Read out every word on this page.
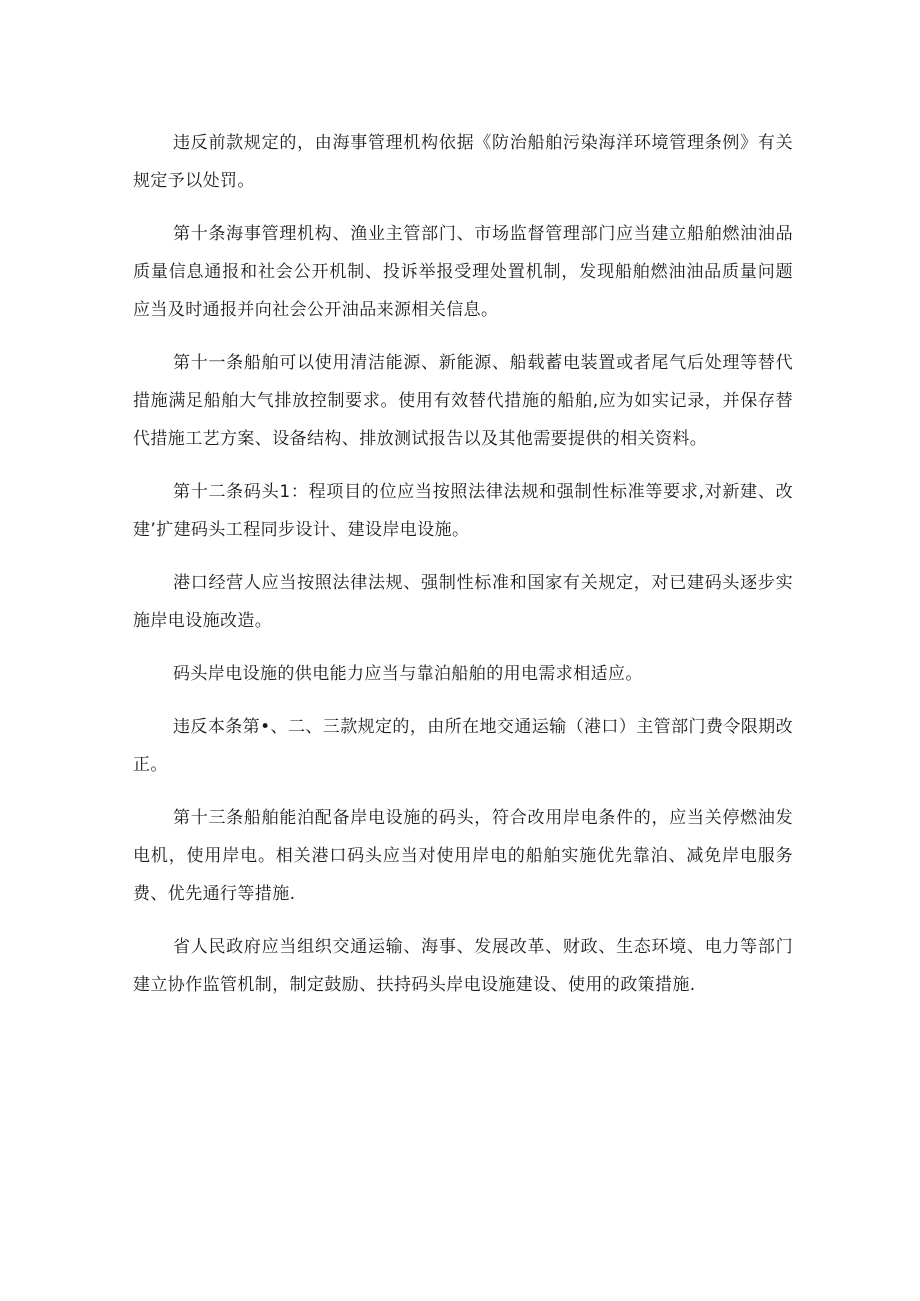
违反前款规定的，由海事管理机构依据《防治船舶污染海洋环境管理条例》有关规定予以处罚。

第十条海事管理机构、渔业主管部门、市场监督管理部门应当建立船舶燃油油品质量信息通报和社会公开机制、投诉举报受理处置机制，发现船舶燃油油品质量问题应当及时通报并向社会公开油品来源相关信息。

第十一条船舶可以使用清洁能源、新能源、船载蓄电装置或者尾气后处理等替代措施满足船舶大气排放控制要求。使用有效替代措施的船舶,应为如实记录，并保存替代措施工艺方案、设备结构、排放测试报告以及其他需要提供的相关资料。

第十二条码头1：程项目的位应当按照法律法规和强制性标准等要求,对新建、改建’扩建码头工程同步设计、建设岸电设施。

港口经营人应当按照法律法规、强制性标准和国家有关规定，对已建码头逐步实施岸电设施改造。

码头岸电设施的供电能力应当与靠泊船舶的用电需求相适应。

违反本条第•、二、三款规定的，由所在地交通运输（港口）主管部门费令限期改正。

第十三条船舶能泊配备岸电设施的码头，符合改用岸电条件的，应当关停燃油发电机，使用岸电。相关港口码头应当对使用岸电的船舶实施优先靠泊、减免岸电服务费、优先通行等措施.

省人民政府应当组织交通运输、海事、发展改革、财政、生态环境、电力等部门建立协作监管机制，制定鼓励、扶持码头岸电设施建设、使用的政策措施.
